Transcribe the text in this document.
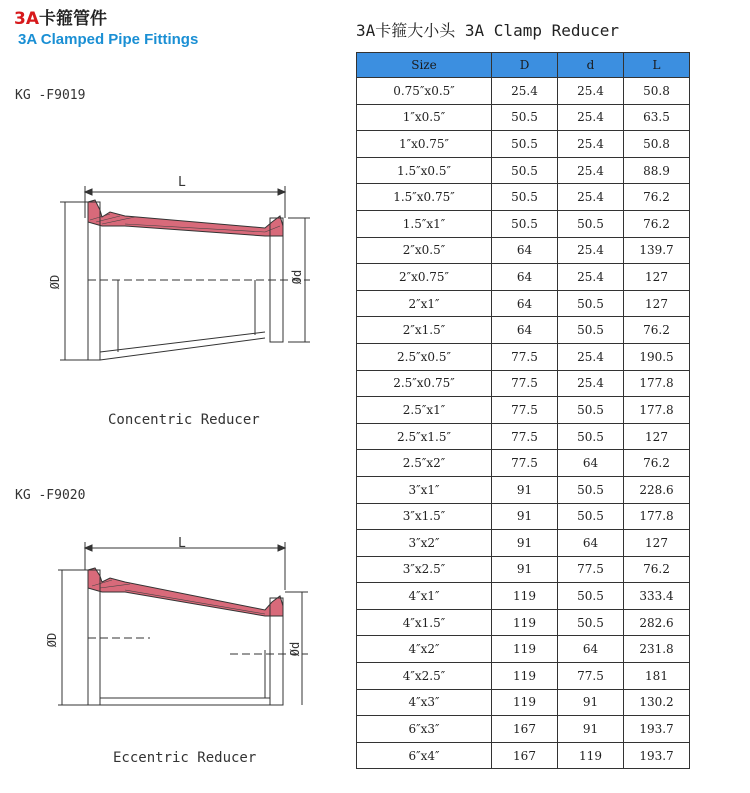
3A卡箍管件
3A Clamped Pipe Fittings
KG -F9019
Concentric Reducer
KG -F9020
Eccentric Reducer
L
ØD	Ød
L
ØD
Ød
3A卡箍大小头 3A Clamp Reducer
Size	D	d	L
0.75″x0.5″	25.4	25.4	50.8
1″x0.5″	50.5	25.4	63.5
1″x0.75″	50.5	25.4	50.8
1.5″x0.5″	50.5	25.4	88.9
1.5″x0.75″	50.5	25.4	76.2
1.5″x1″	50.5	50.5	76.2
2″x0.5″	64	25.4	139.7
2″x0.75″	64	25.4	127
2″x1″	64	50.5	127
2″x1.5″	64	50.5	76.2
2.5″x0.5″	77.5	25.4	190.5
2.5″x0.75″	77.5	25.4	177.8
2.5″x1″	77.5	50.5	177.8
2.5″x1.5″	77.5	50.5	127
2.5″x2″	77.5	64	76.2
3″x1″	91	50.5	228.6
3″x1.5″	91	50.5	177.8
3″x2″	91	64	127
3″x2.5″	91	77.5	76.2
4″x1″	119	50.5	333.4
4″x1.5″	119	50.5	282.6
4″x2″	119	64	231.8
4″x2.5″	119	77.5	181
4″x3″	119	91	130.2
6″x3″	167	91	193.7
6″x4″	167	119	193.7
